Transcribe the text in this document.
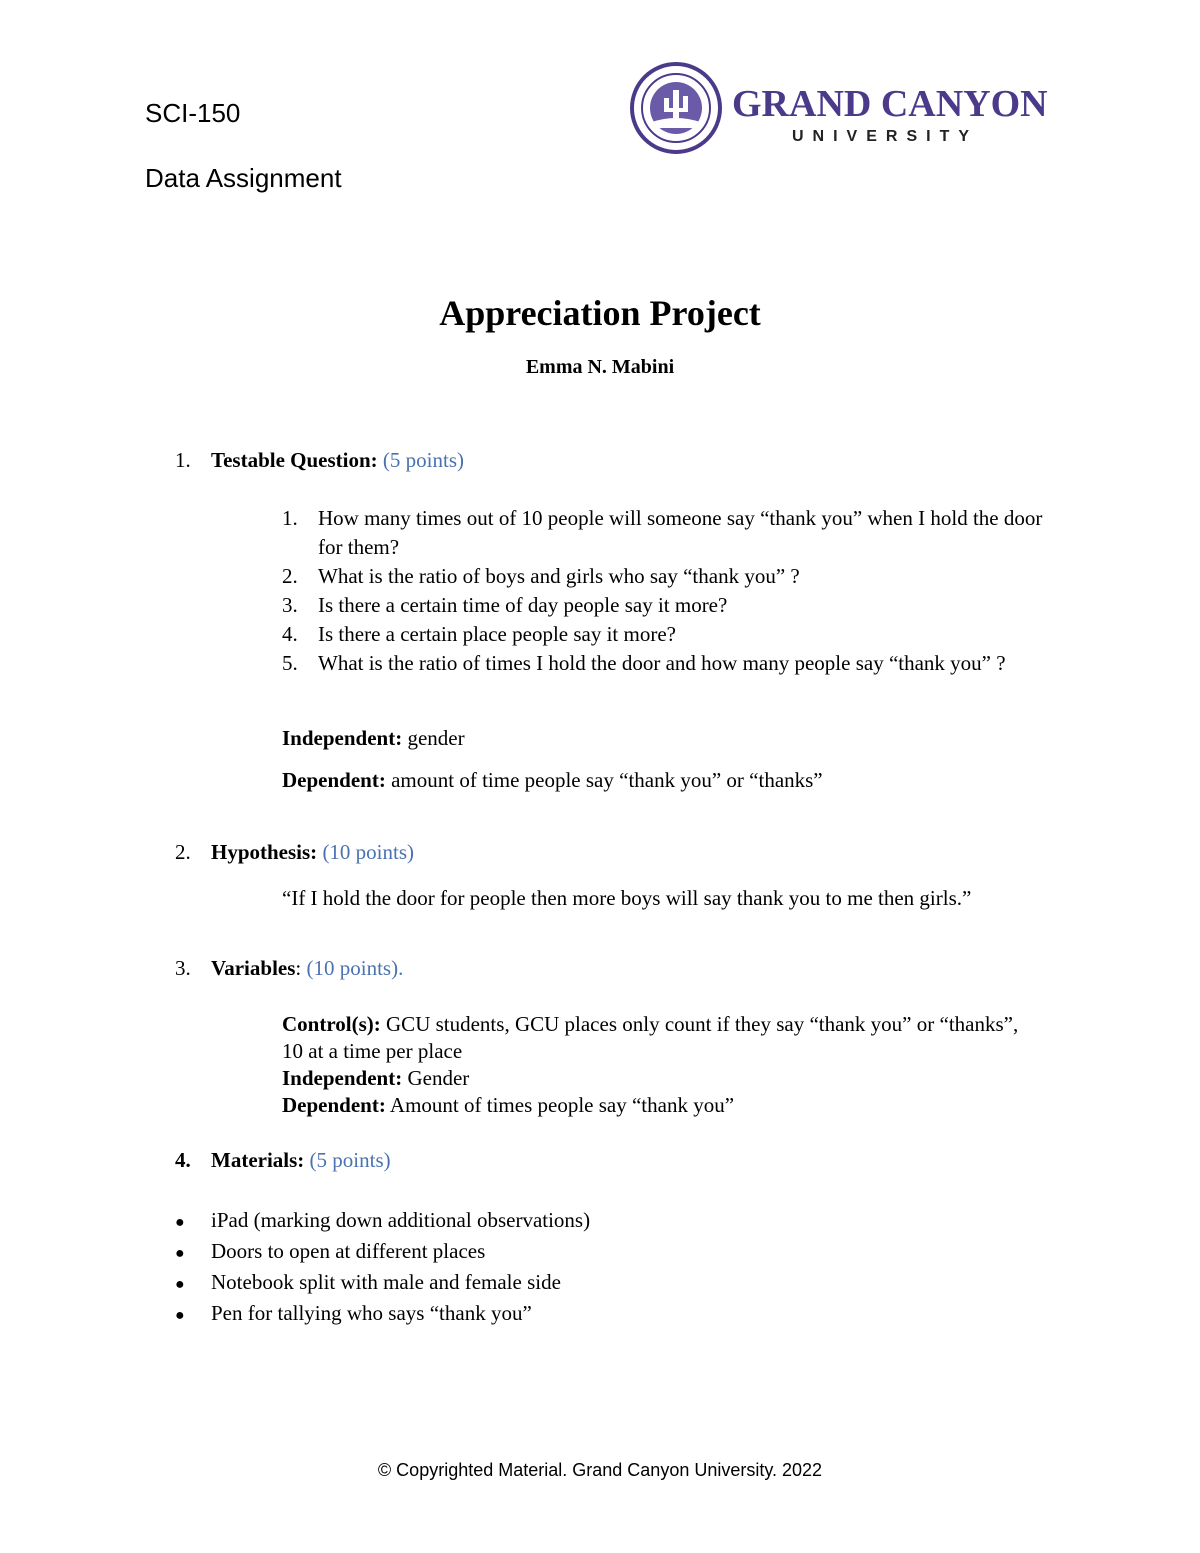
SCI-150
Data Assignment
GRAND CANYON
UNIVERSITY
Appreciation Project
Emma N. Mabini
1. Testable Question: (5 points)
1. How many times out of 10 people will someone say “thank you” when I hold the door for them?
2. What is the ratio of boys and girls who say “thank you” ?
3. Is there a certain time of day people say it more?
4. Is there a certain place people say it more?
5. What is the ratio of times I hold the door and how many people say “thank you” ?
Independent: gender
Dependent: amount of time people say “thank you” or “thanks”
2. Hypothesis: (10 points)
“If I hold the door for people then more boys will say thank you to me then girls.”
3. Variables: (10 points).
Control(s): GCU students, GCU places only count if they say “thank you” or “thanks”, 10 at a time per place
Independent: Gender
Dependent: Amount of times people say “thank you”
4. Materials: (5 points)
● iPad (marking down additional observations)
● Doors to open at different places
● Notebook split with male and female side
● Pen for tallying who says “thank you”
© Copyrighted Material. Grand Canyon University. 2022
